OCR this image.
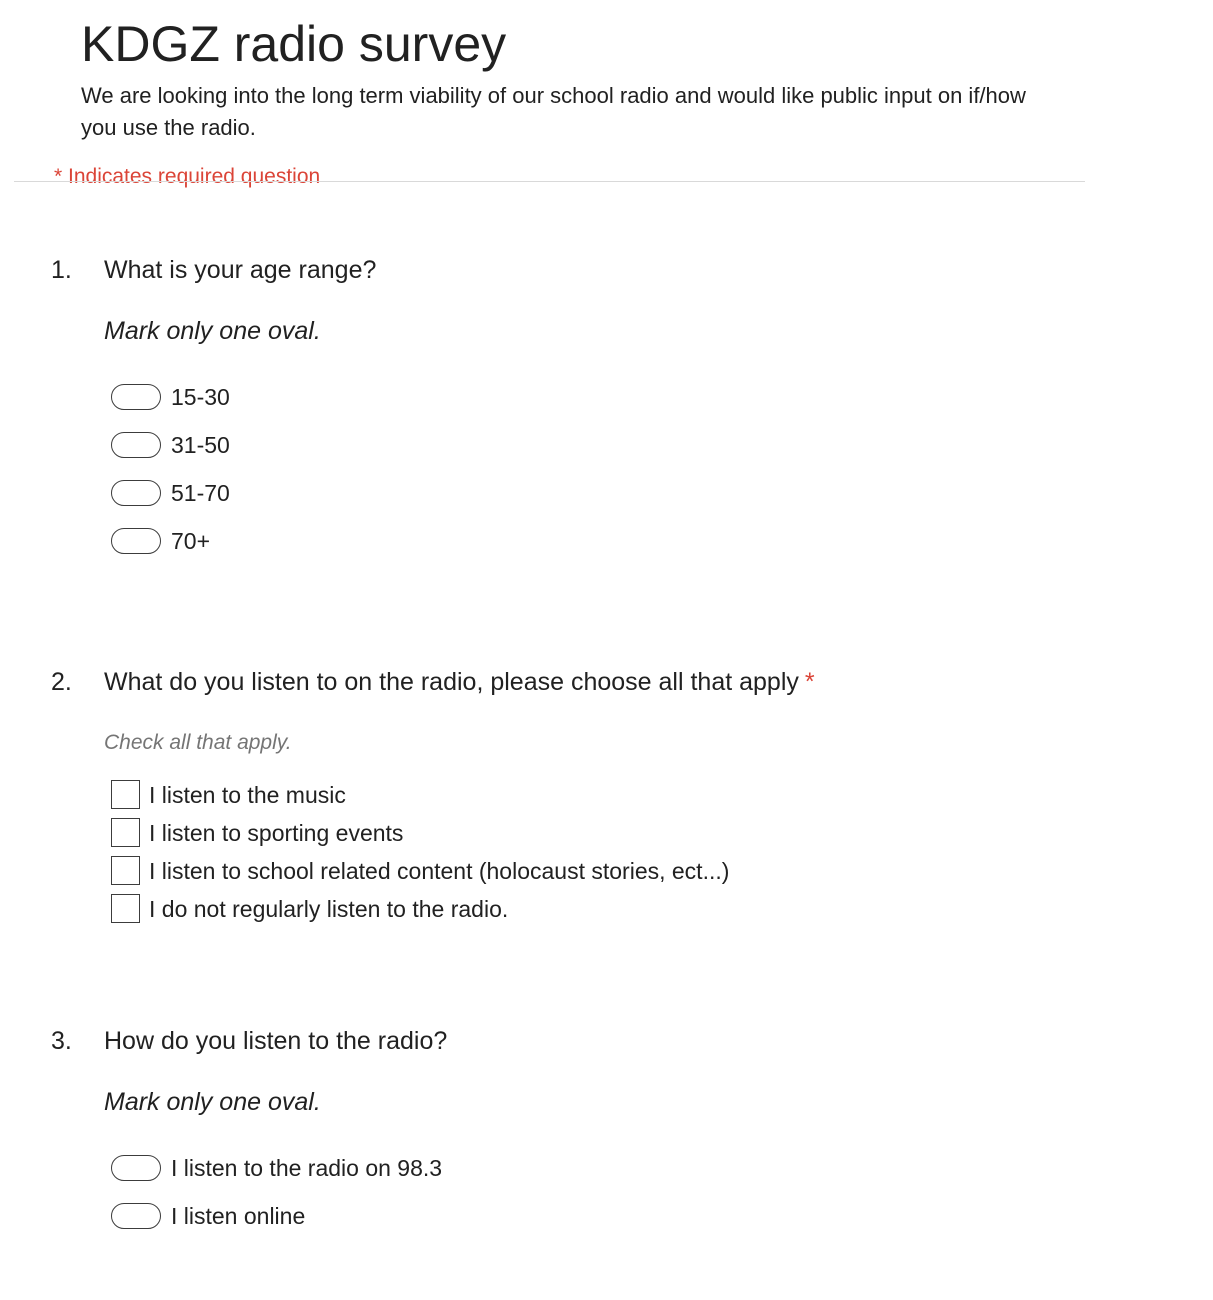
KDGZ radio survey

We are looking into the long term viability of our school radio and would like public input on if/how you use the radio.

* Indicates required question
1. What is your age range?
Mark only one oval.
15-30
31-50
51-70
70+
2. What do you listen to on the radio, please choose all that apply *
Check all that apply.
I listen to the music
I listen to sporting events
I listen to school related content (holocaust stories, ect...)
I do not regularly listen to the radio.
3. How do you listen to the radio?
Mark only one oval.
I listen to the radio on 98.3
I listen online
